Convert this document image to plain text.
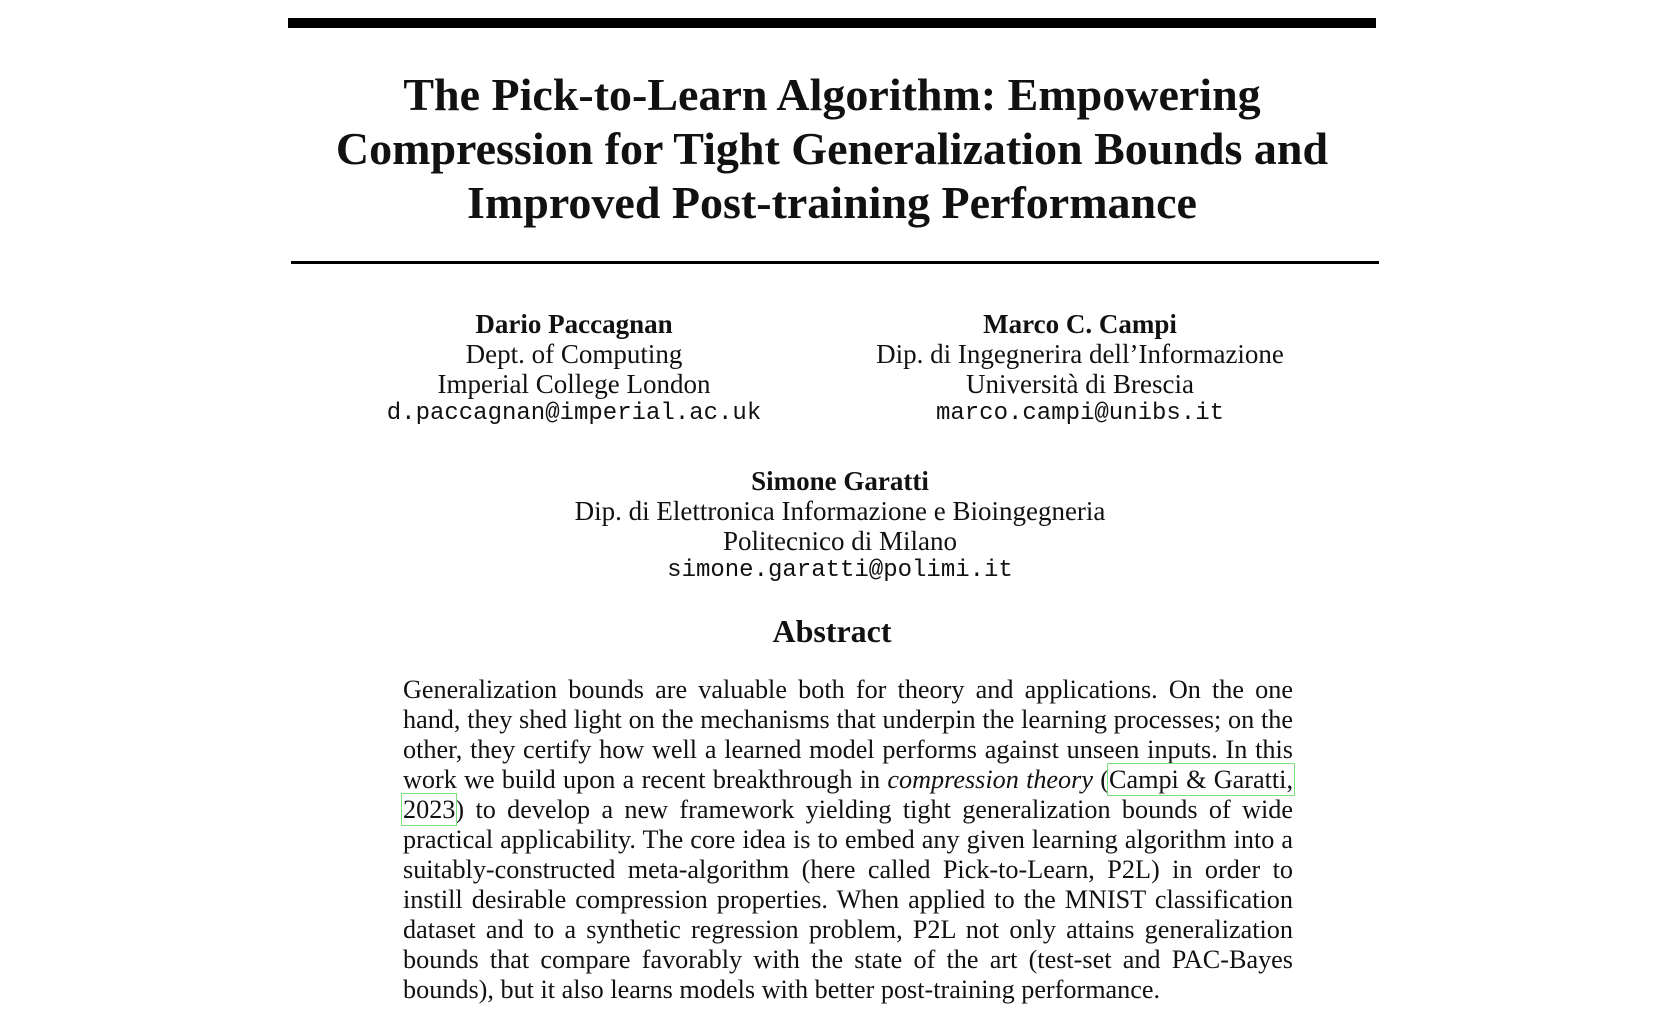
The Pick-to-Learn Algorithm: Empowering Compression for Tight Generalization Bounds and Improved Post-training Performance
Dario Paccagnan
Dept. of Computing
Imperial College London
d.paccagnan@imperial.ac.uk
Marco C. Campi
Dip. di Ingegnerira dell’Informazione
Università di Brescia
marco.campi@unibs.it
Simone Garatti
Dip. di Elettronica Informazione e Bioingegneria
Politecnico di Milano
simone.garatti@polimi.it
Abstract
Generalization bounds are valuable both for theory and applications. On the one hand, they shed light on the mechanisms that underpin the learning processes; on the other, they certify how well a learned model performs against unseen inputs. In this work we build upon a recent breakthrough in compression theory (Campi & Garatti, 2023) to develop a new framework yielding tight generalization bounds of wide practical applicability. The core idea is to embed any given learning algorithm into a suitably-constructed meta-algorithm (here called Pick-to-Learn, P2L) in order to instill desirable compression properties. When applied to the MNIST classification dataset and to a synthetic regression problem, P2L not only attains generalization bounds that compare favorably with the state of the art (test-set and PAC-Bayes bounds), but it also learns models with better post-training performance.
